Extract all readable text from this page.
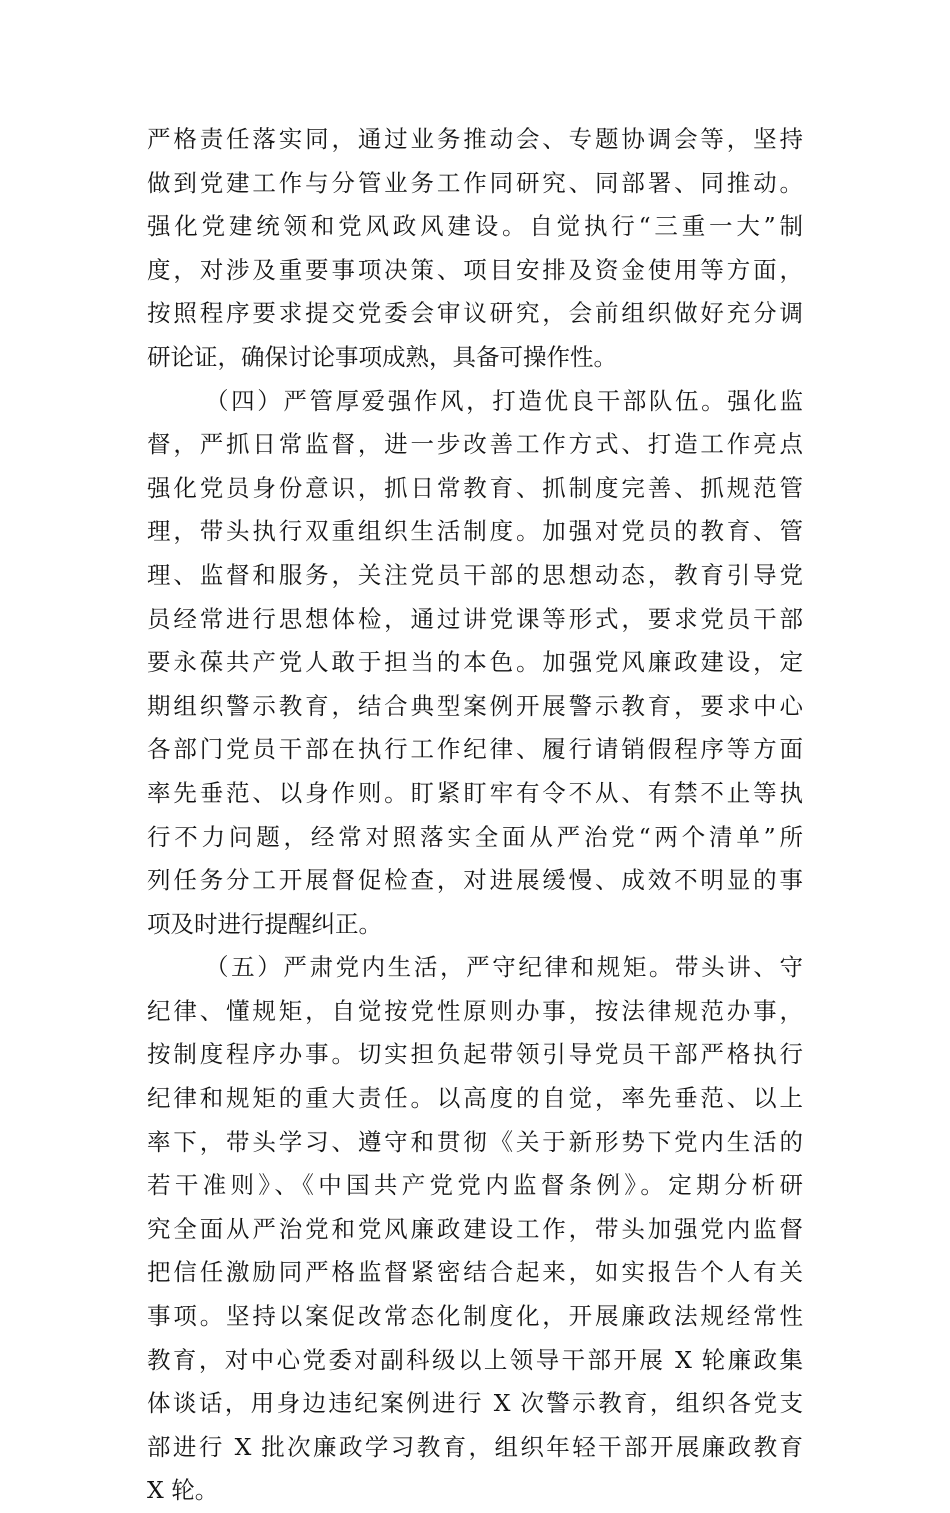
严格责任落实同，通过业务推动会、专题协调会等，坚持
做到党建工作与分管业务工作同研究、同部署、同推动。
强化党建统领和党风政风建设。自觉执行“三重一大”制
度，对涉及重要事项决策、项目安排及资金使用等方面，
按照程序要求提交党委会审议研究，会前组织做好充分调
研论证，确保讨论事项成熟，具备可操作性。
（四）严管厚爱强作风，打造优良干部队伍。强化监
督，严抓日常监督，进一步改善工作方式、打造工作亮点
强化党员身份意识，抓日常教育、抓制度完善、抓规范管
理，带头执行双重组织生活制度。加强对党员的教育、管
理、监督和服务，关注党员干部的思想动态，教育引导党
员经常进行思想体检，通过讲党课等形式，要求党员干部
要永葆共产党人敢于担当的本色。加强党风廉政建设，定
期组织警示教育，结合典型案例开展警示教育，要求中心
各部门党员干部在执行工作纪律、履行请销假程序等方面
率先垂范、以身作则。盯紧盯牢有令不从、有禁不止等执
行不力问题，经常对照落实全面从严治党“两个清单”所
列任务分工开展督促检查，对进展缓慢、成效不明显的事
项及时进行提醒纠正。
（五）严肃党内生活，严守纪律和规矩。带头讲、守
纪律、懂规矩，自觉按党性原则办事，按法律规范办事，
按制度程序办事。切实担负起带领引导党员干部严格执行
纪律和规矩的重大责任。以高度的自觉，率先垂范、以上
率下，带头学习、遵守和贯彻《关于新形势下党内生活的
若干准则》、《中国共产党党内监督条例》。定期分析研
究全面从严治党和党风廉政建设工作，带头加强党内监督
把信任激励同严格监督紧密结合起来，如实报告个人有关
事项。坚持以案促改常态化制度化，开展廉政法规经常性
教育，对中心党委对副科级以上领导干部开展 X 轮廉政集
体谈话，用身边违纪案例进行 X 次警示教育，组织各党支
部进行 X 批次廉政学习教育，组织年轻干部开展廉政教育
X 轮。
